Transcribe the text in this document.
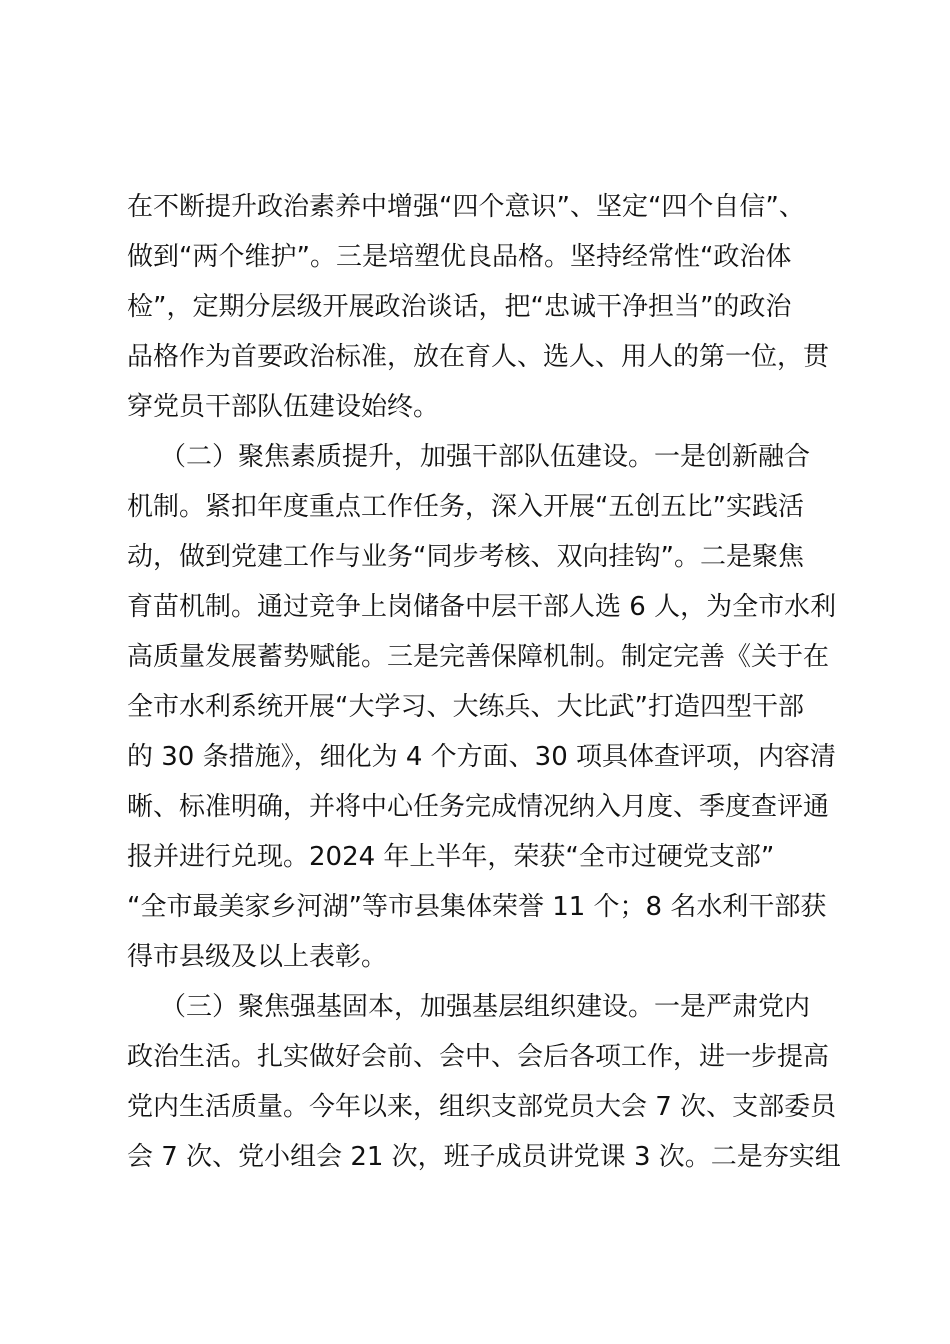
在不断提升政治素养中增强“四个意识”、坚定“四个自信”、
做到“两个维护”。三是培塑优良品格。坚持经常性“政治体
检”，定期分层级开展政治谈话，把“忠诚干净担当”的政治
品格作为首要政治标准，放在育人、选人、用人的第一位，贯
穿党员干部队伍建设始终。
（二）聚焦素质提升，加强干部队伍建设。一是创新融合
机制。紧扣年度重点工作任务，深入开展“五创五比”实践活
动，做到党建工作与业务“同步考核、双向挂钩”。二是聚焦
育苗机制。通过竞争上岗储备中层干部人选 6 人，为全市水利
高质量发展蓄势赋能。三是完善保障机制。制定完善《关于在
全市水利系统开展“大学习、大练兵、大比武”打造四型干部
的 30 条措施》，细化为 4 个方面、30 项具体查评项，内容清
晰、标准明确，并将中心任务完成情况纳入月度、季度查评通
报并进行兑现。2024 年上半年，荣获“全市过硬党支部”
“全市最美家乡河湖”等市县集体荣誉 11 个；8 名水利干部获
得市县级及以上表彰。
（三）聚焦强基固本，加强基层组织建设。一是严肃党内
政治生活。扎实做好会前、会中、会后各项工作，进一步提高
党内生活质量。今年以来，组织支部党员大会 7 次、支部委员
会 7 次、党小组会 21 次，班子成员讲党课 3 次。二是夯实组
